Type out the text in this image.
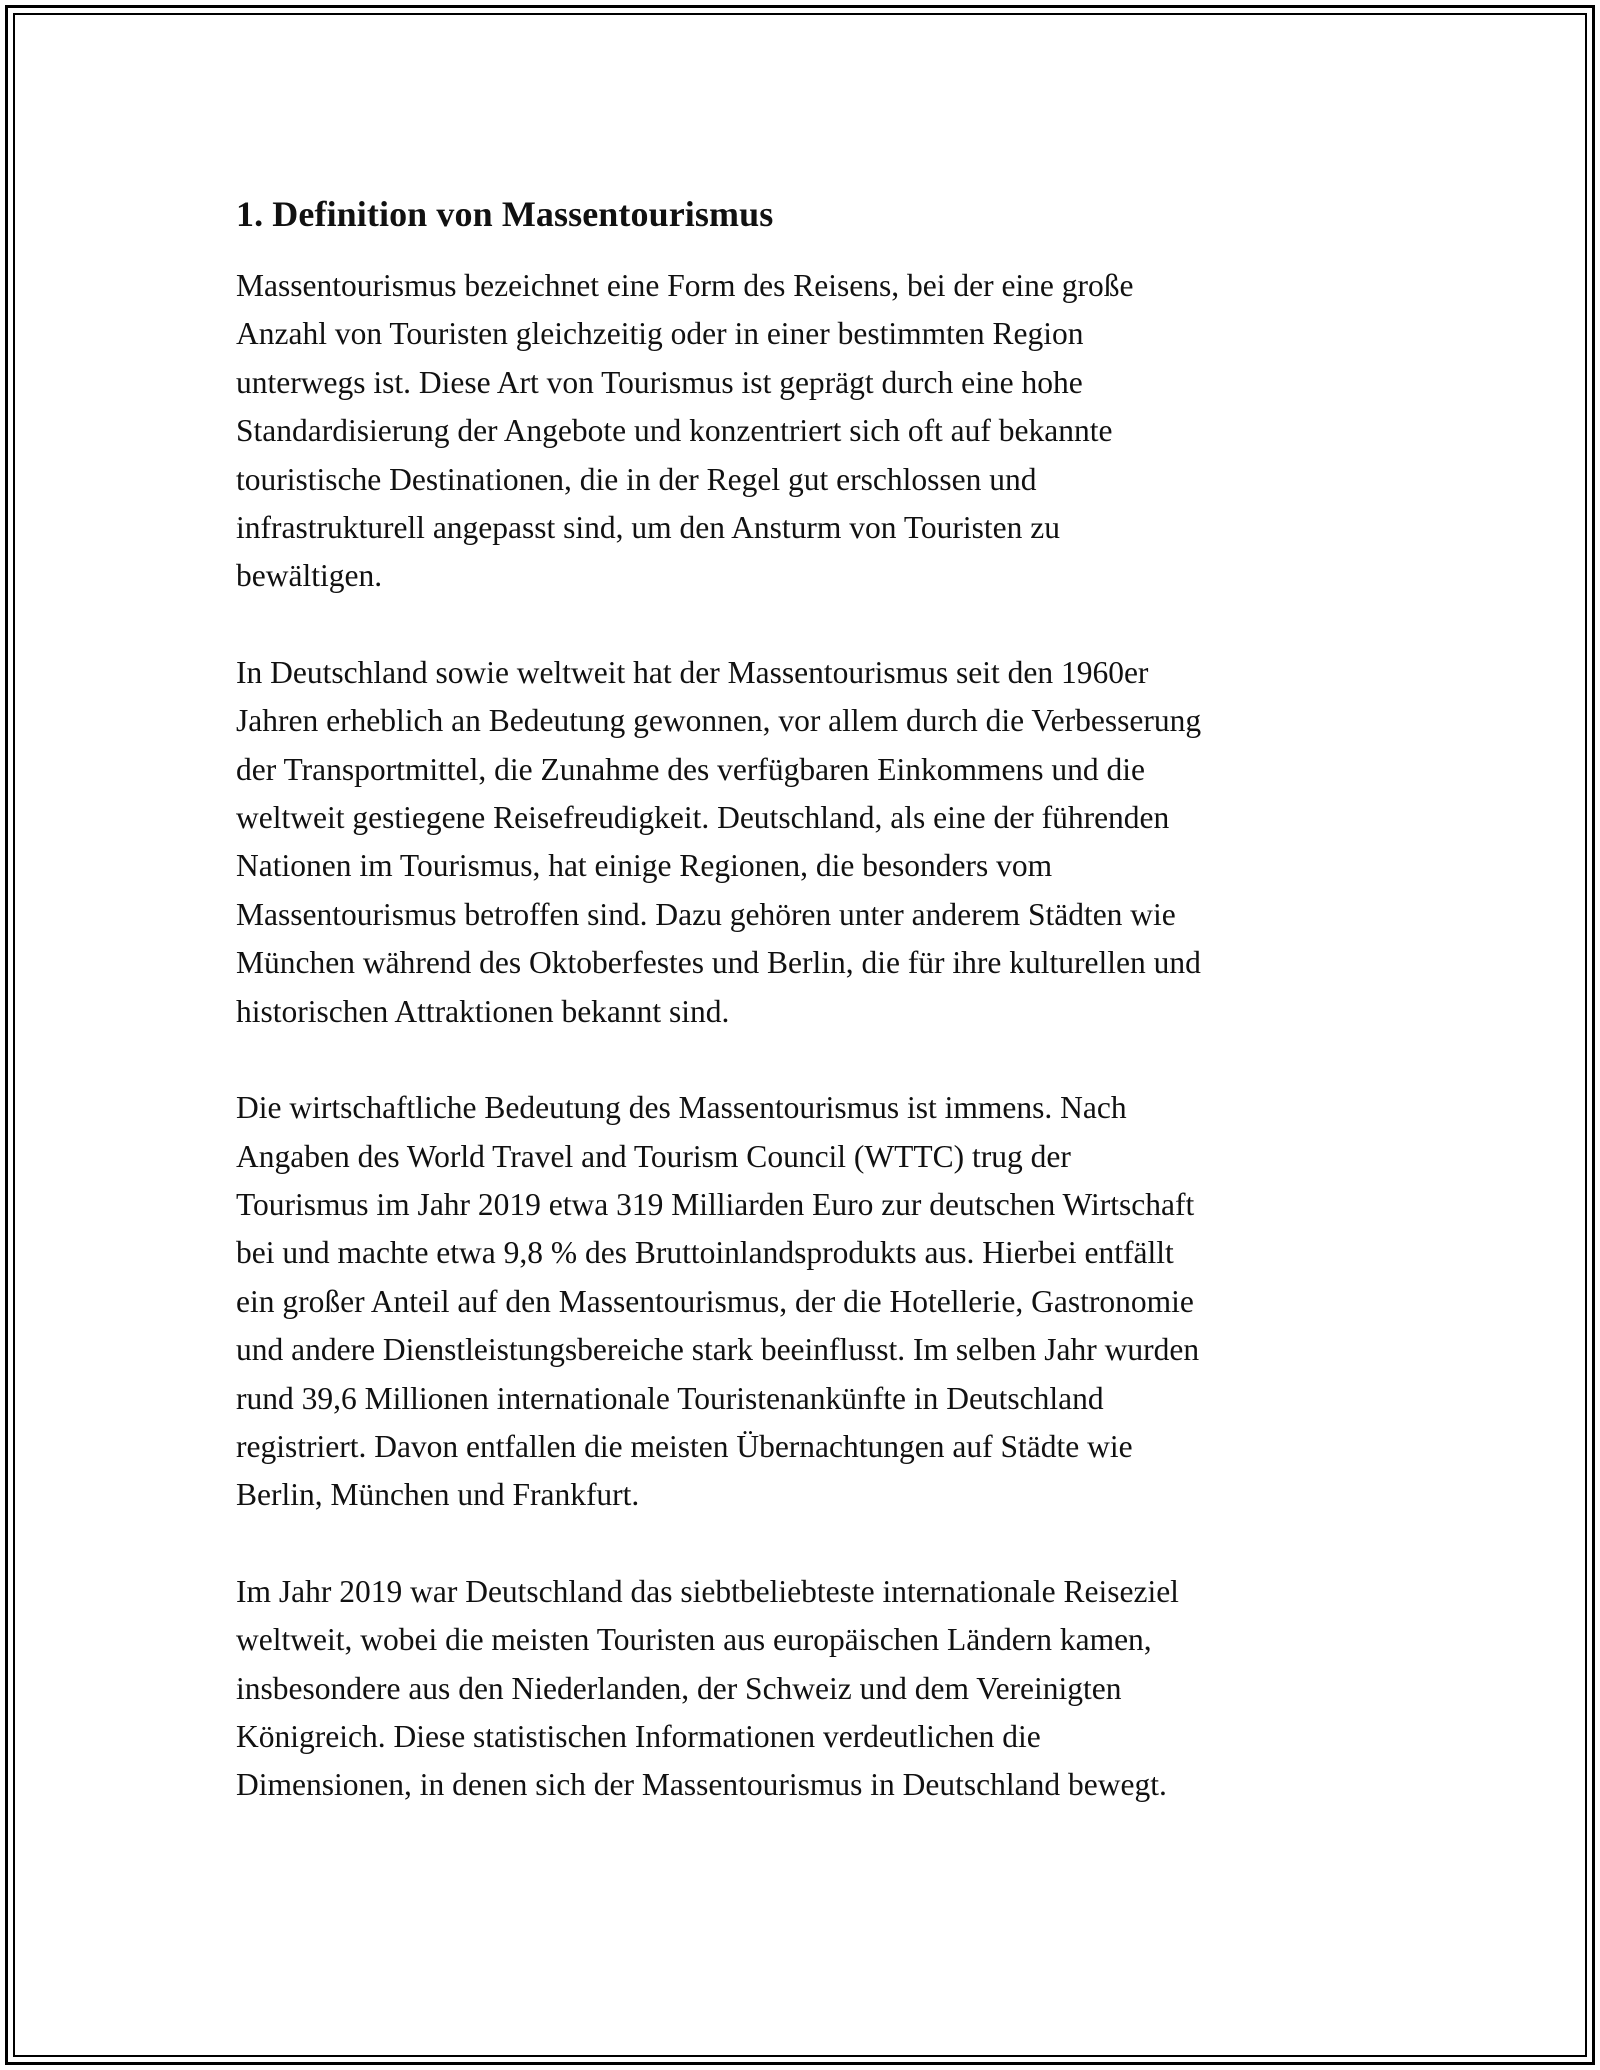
1. Definition von Massentourismus

Massentourismus bezeichnet eine Form des Reisens, bei der eine große
Anzahl von Touristen gleichzeitig oder in einer bestimmten Region
unterwegs ist. Diese Art von Tourismus ist geprägt durch eine hohe
Standardisierung der Angebote und konzentriert sich oft auf bekannte
touristische Destinationen, die in der Regel gut erschlossen und
infrastrukturell angepasst sind, um den Ansturm von Touristen zu
bewältigen.

In Deutschland sowie weltweit hat der Massentourismus seit den 1960er
Jahren erheblich an Bedeutung gewonnen, vor allem durch die Verbesserung
der Transportmittel, die Zunahme des verfügbaren Einkommens und die
weltweit gestiegene Reisefreudigkeit. Deutschland, als eine der führenden
Nationen im Tourismus, hat einige Regionen, die besonders vom
Massentourismus betroffen sind. Dazu gehören unter anderem Städten wie
München während des Oktoberfestes und Berlin, die für ihre kulturellen und
historischen Attraktionen bekannt sind.

Die wirtschaftliche Bedeutung des Massentourismus ist immens. Nach
Angaben des World Travel and Tourism Council (WTTC) trug der
Tourismus im Jahr 2019 etwa 319 Milliarden Euro zur deutschen Wirtschaft
bei und machte etwa 9,8 % des Bruttoinlandsprodukts aus. Hierbei entfällt
ein großer Anteil auf den Massentourismus, der die Hotellerie, Gastronomie
und andere Dienstleistungsbereiche stark beeinflusst. Im selben Jahr wurden
rund 39,6 Millionen internationale Touristenankünfte in Deutschland
registriert. Davon entfallen die meisten Übernachtungen auf Städte wie
Berlin, München und Frankfurt.

Im Jahr 2019 war Deutschland das siebtbeliebteste internationale Reiseziel
weltweit, wobei die meisten Touristen aus europäischen Ländern kamen,
insbesondere aus den Niederlanden, der Schweiz und dem Vereinigten
Königreich. Diese statistischen Informationen verdeutlichen die
Dimensionen, in denen sich der Massentourismus in Deutschland bewegt.
